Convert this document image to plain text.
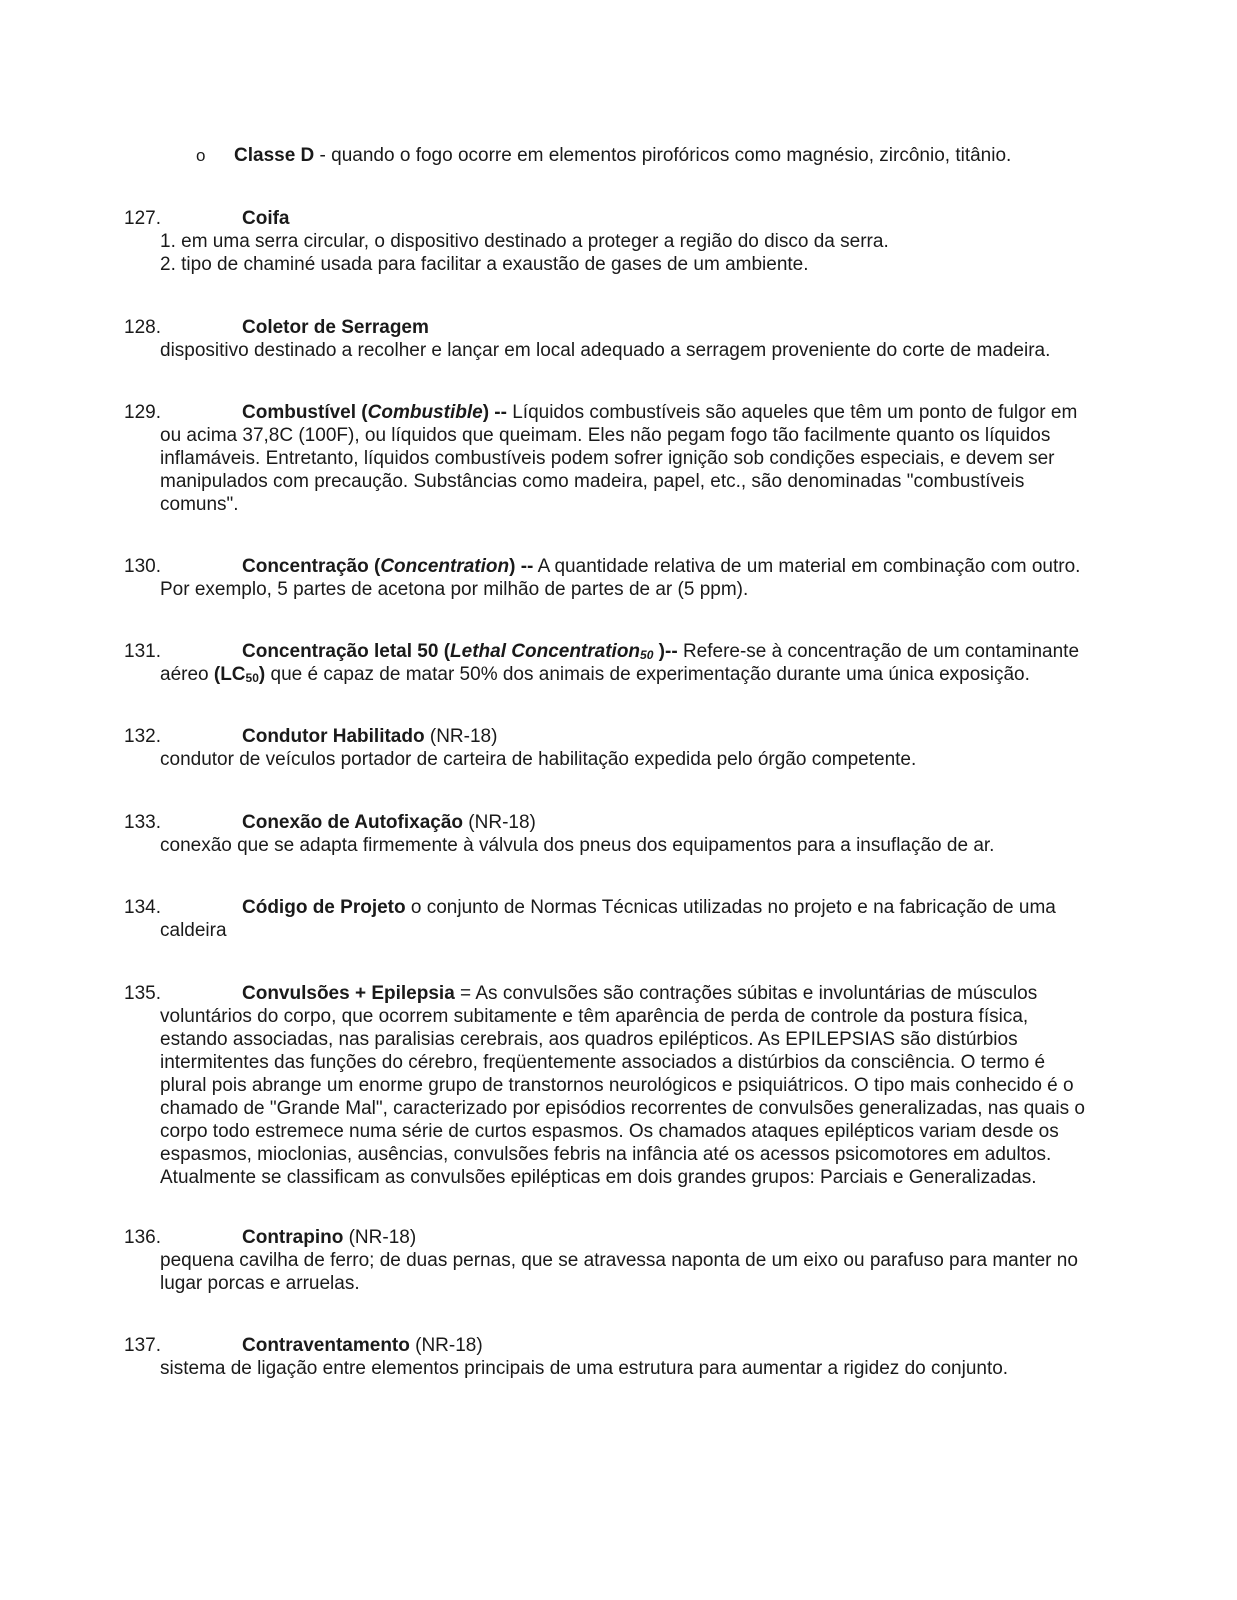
o Classe D - quando o fogo ocorre em elementos pirofóricos como magnésio, zircônio, titânio.
127.	Coifa
1. em uma serra circular, o dispositivo destinado a proteger a região do disco da serra.
2. tipo de chaminé usada para facilitar a exaustão de gases de um ambiente.
128.	Coletor de Serragem
dispositivo destinado a recolher e lançar em local adequado a serragem proveniente do corte de madeira.
129.	Combustível (Combustible) -- Líquidos combustíveis são aqueles que têm um ponto de fulgor em
ou acima 37,8C (100F), ou líquidos que queimam. Eles não pegam fogo tão facilmente quanto os líquidos
inflamáveis. Entretanto, líquidos combustíveis podem sofrer ignição sob condições especiais, e devem ser
manipulados com precaução. Substâncias como madeira, papel, etc., são denominadas "combustíveis
comuns".
130.	Concentração (Concentration) -- A quantidade relativa de um material em combinação com outro.
Por exemplo, 5 partes de acetona por milhão de partes de ar (5 ppm).
131.	Concentração letal 50 (Lethal Concentration$_{50}$ )-- Refere-se à concentração de um contaminante
aéreo $(LC_{50})$ que é capaz de matar 50% dos animais de experimentação durante uma única exposição.
132.	Condutor Habilitado (NR-18)
condutor de veículos portador de carteira de habilitação expedida pelo órgão competente.
133.	Conexão de Autofixação (NR-18)
conexão que se adapta firmemente à válvula dos pneus dos equipamentos para a insuflação de ar.
134.	Código de Projeto o conjunto de Normas Técnicas utilizadas no projeto e na fabricação de uma
caldeira
135.	Convulsões + Epilepsia = As convulsões são contrações súbitas e involuntárias de músculos
voluntários do corpo, que ocorrem subitamente e têm aparência de perda de controle da postura física,
estando associadas, nas paralisias cerebrais, aos quadros epilépticos. As EPILEPSIAS são distúrbios
intermitentes das funções do cérebro, freqüentemente associados a distúrbios da consciência. O termo é
plural pois abrange um enorme grupo de transtornos neurológicos e psiquiátricos. O tipo mais conhecido é o
chamado de "Grande Mal", caracterizado por episódios recorrentes de convulsões generalizadas, nas quais o
corpo todo estremece numa série de curtos espasmos. Os chamados ataques epilépticos variam desde os
espasmos, mioclonias, ausências, convulsões febris na infância até os acessos psicomotores em adultos.
Atualmente se classificam as convulsões epilépticas em dois grandes grupos: Parciais e Generalizadas.
136.	Contrapino (NR-18)
pequena cavilha de ferro; de duas pernas, que se atravessa naponta de um eixo ou parafuso para manter no
lugar porcas e arruelas.
137.	Contraventamento (NR-18)
sistema de ligação entre elementos principais de uma estrutura para aumentar a rigidez do conjunto.
